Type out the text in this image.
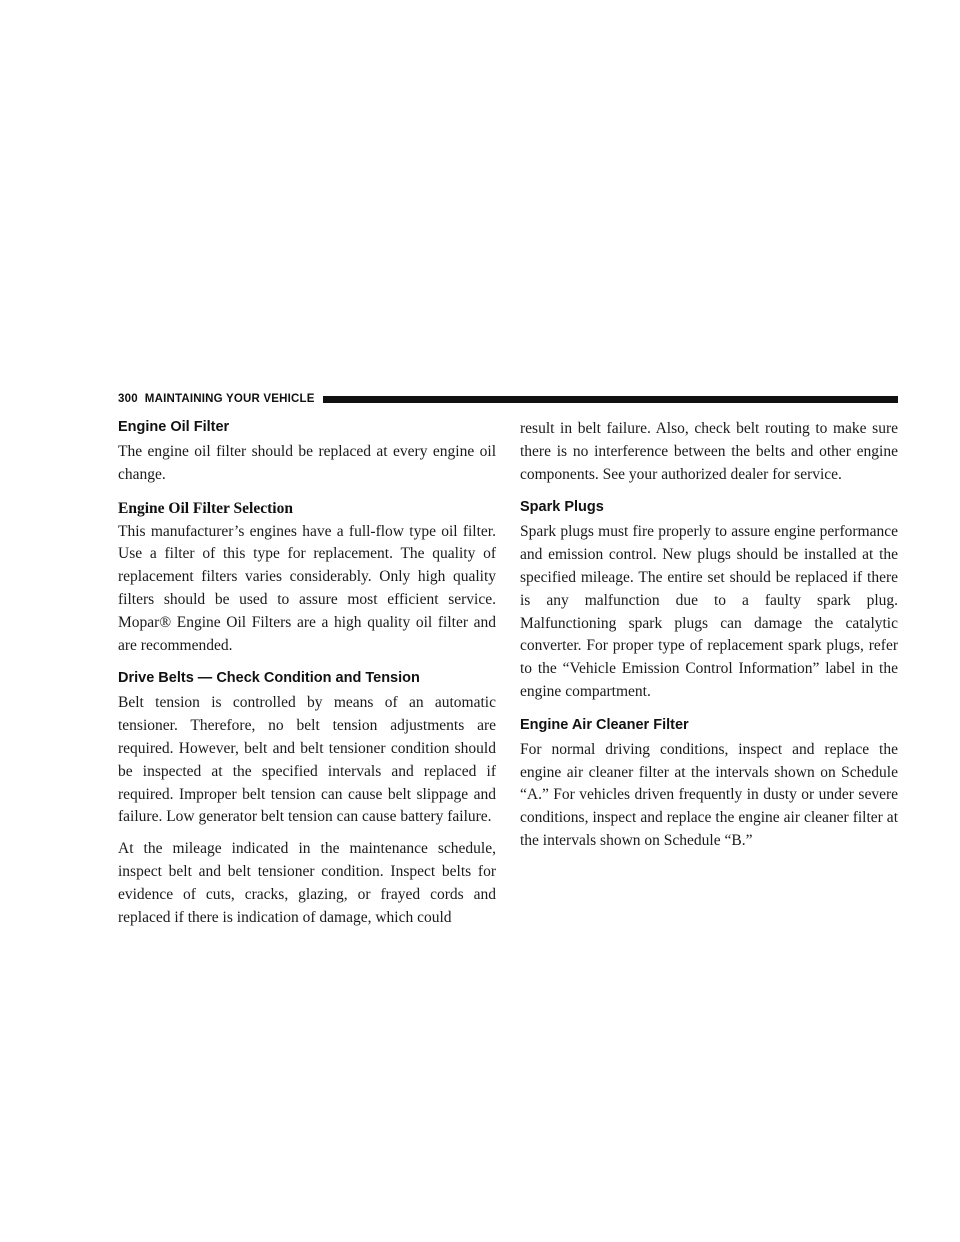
300 MAINTAINING YOUR VEHICLE
Engine Oil Filter

The engine oil filter should be replaced at every engine oil change.

Engine Oil Filter Selection

This manufacturer’s engines have a full-flow type oil filter. Use a filter of this type for replacement. The quality of replacement filters varies considerably. Only high quality filters should be used to assure most efficient service. Mopar® Engine Oil Filters are a high quality oil filter and are recommended.

Drive Belts — Check Condition and Tension

Belt tension is controlled by means of an automatic tensioner. Therefore, no belt tension adjustments are required. However, belt and belt tensioner condition should be inspected at the specified intervals and replaced if required. Improper belt tension can cause belt slippage and failure. Low generator belt tension can cause battery failure.

At the mileage indicated in the maintenance schedule, inspect belt and belt tensioner condition. Inspect belts for evidence of cuts, cracks, glazing, or frayed cords and replaced if there is indication of damage, which could

result in belt failure. Also, check belt routing to make sure there is no interference between the belts and other engine components. See your authorized dealer for service.

Spark Plugs

Spark plugs must fire properly to assure engine performance and emission control. New plugs should be installed at the specified mileage. The entire set should be replaced if there is any malfunction due to a faulty spark plug. Malfunctioning spark plugs can damage the catalytic converter. For proper type of replacement spark plugs, refer to the “Vehicle Emission Control Information” label in the engine compartment.

Engine Air Cleaner Filter

For normal driving conditions, inspect and replace the engine air cleaner filter at the intervals shown on Schedule “A.” For vehicles driven frequently in dusty or under severe conditions, inspect and replace the engine air cleaner filter at the intervals shown on Schedule “B.”
